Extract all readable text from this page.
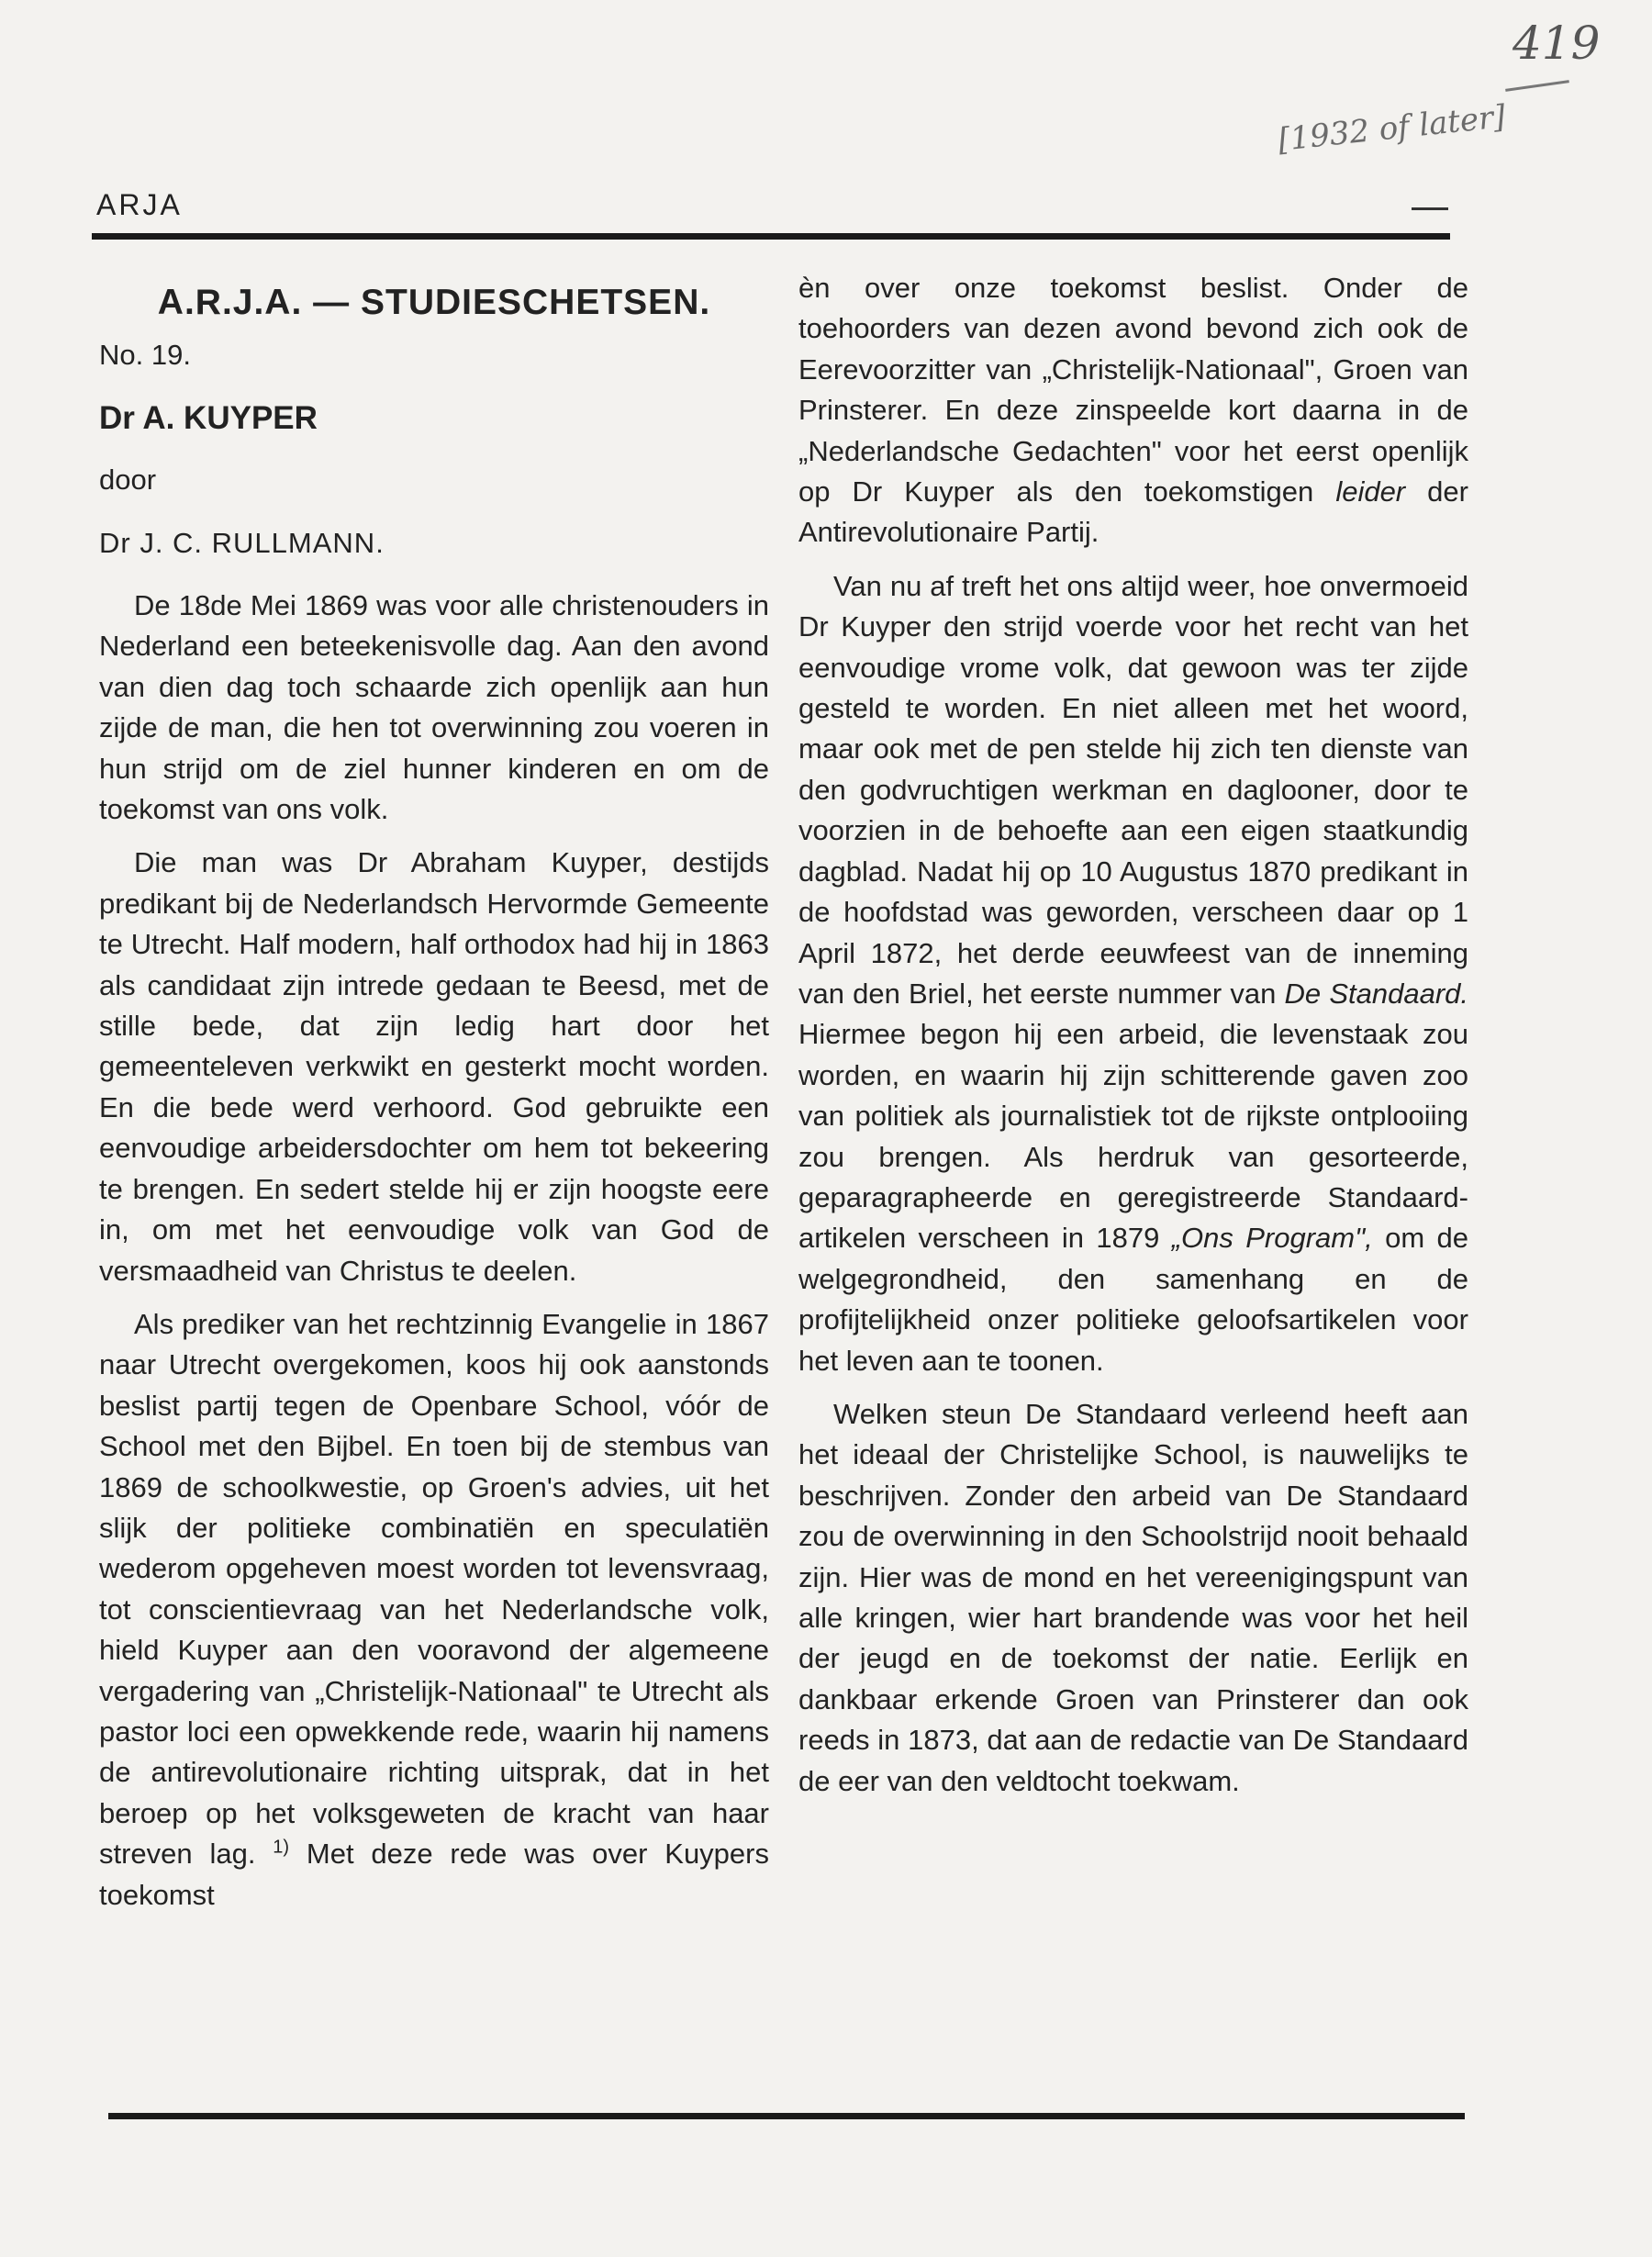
419
[1932 of later]
ARJA
A.R.J.A. — STUDIESCHETSEN.

No. 19.

Dr A. KUYPER

door

Dr J. C. RULLMANN.

De 18de Mei 1869 was voor alle christenouders in Nederland een beteekenisvolle dag. Aan den avond van dien dag toch schaarde zich openlijk aan hun zijde de man, die hen tot overwinning zou voeren in hun strijd om de ziel hunner kinderen en om de toekomst van ons volk.

Die man was Dr Abraham Kuyper, destijds predikant bij de Nederlandsch Hervormde Gemeente te Utrecht. Half modern, half orthodox had hij in 1863 als candidaat zijn intrede gedaan te Beesd, met de stille bede, dat zijn ledig hart door het gemeenteleven verkwikt en gesterkt mocht worden. En die bede werd verhoord. God gebruikte een eenvoudige arbeidersdochter om hem tot bekeering te brengen. En sedert stelde hij er zijn hoogste eere in, om met het eenvoudige volk van God de versmaadheid van Christus te deelen.

Als prediker van het rechtzinnig Evangelie in 1867 naar Utrecht overgekomen, koos hij ook aanstonds beslist partij tegen de Openbare School, vóór de School met den Bijbel. En toen bij de stembus van 1869 de schoolkwestie, op Groen's advies, uit het slijk der politieke combinatiën en speculatiën wederom opgeheven moest worden tot levensvraag, tot conscientievraag van het Nederlandsche volk, hield Kuyper aan den vooravond der algemeene vergadering van „Christelijk-Nationaal" te Utrecht als pastor loci een opwekkende rede, waarin hij namens de antirevolutionaire richting uitsprak, dat in het beroep op het volksgeweten de kracht van haar streven lag. $^{1)}$ Met deze rede was over Kuypers toekomst

èn over onze toekomst beslist. Onder de toehoorders van dezen avond bevond zich ook de Eerevoorzitter van „Christelijk-Nationaal", Groen van Prinsterer. En deze zinspeelde kort daarna in de „Nederlandsche Gedachten" voor het eerst openlijk op Dr Kuyper als den toekomstigen leider der Antirevolutionaire Partij.

Van nu af treft het ons altijd weer, hoe onvermoeid Dr Kuyper den strijd voerde voor het recht van het eenvoudige vrome volk, dat gewoon was ter zijde gesteld te worden. En niet alleen met het woord, maar ook met de pen stelde hij zich ten dienste van den godvruchtigen werkman en daglooner, door te voorzien in de behoefte aan een eigen staatkundig dagblad. Nadat hij op 10 Augustus 1870 predikant in de hoofdstad was geworden, verscheen daar op 1 April 1872, het derde eeuwfeest van de inneming van den Briel, het eerste nummer van De Standaard. Hiermee begon hij een arbeid, die levenstaak zou worden, en waarin hij zijn schitterende gaven zoo van politiek als journalistiek tot de rijkste ontplooiing zou brengen. Als herdruk van gesorteerde, geparagrapheerde en geregistreerde Standaard-artikelen verscheen in 1879 „Ons Program", om de welgegrondheid, den samenhang en de profijtelijkheid onzer politieke geloofsartikelen voor het leven aan te toonen.

Welken steun De Standaard verleend heeft aan het ideaal der Christelijke School, is nauwelijks te beschrijven. Zonder den arbeid van De Standaard zou de overwinning in den Schoolstrijd nooit behaald zijn. Hier was de mond en het vereenigingspunt van alle kringen, wier hart brandende was voor het heil der jeugd en de toekomst der natie. Eerlijk en dankbaar erkende Groen van Prinsterer dan ook reeds in 1873, dat aan de redactie van De Standaard de eer van den veldtocht toekwam.
